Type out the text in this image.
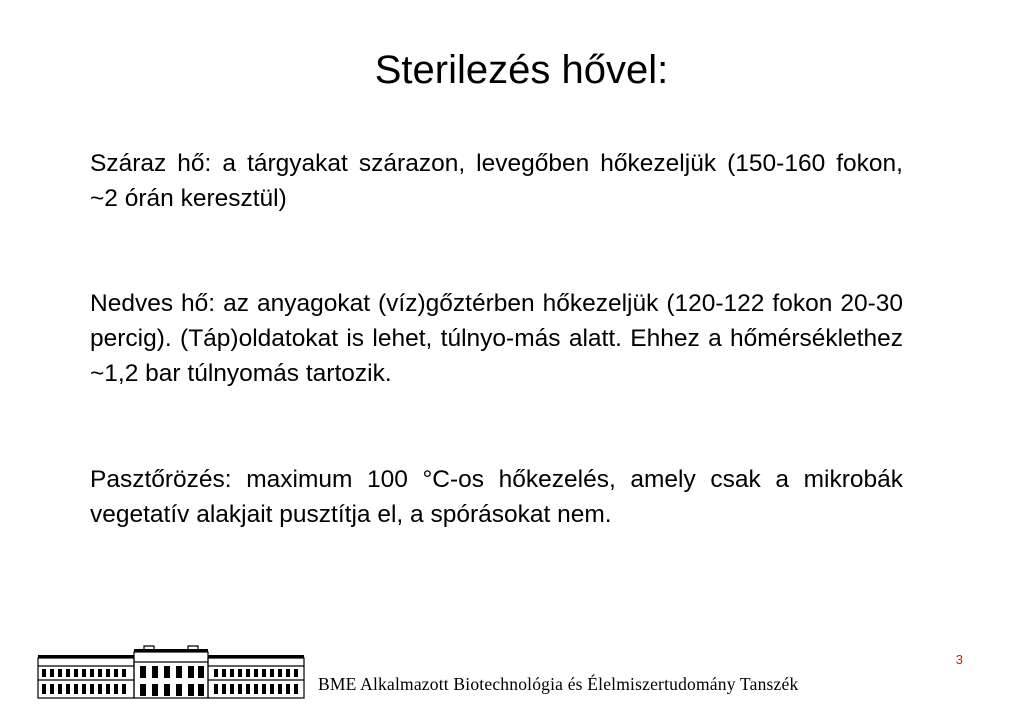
Sterilezés hővel:

Száraz hő: a tárgyakat szárazon, levegőben hőkezeljük (150-160 fokon, ~2 órán keresztül)

Nedves hő: az anyagokat (víz)gőztérben hőkezeljük (120-122 fokon 20-30 percig). (Táp)oldatokat is lehet, túlnyo-más alatt. Ehhez a hőmérséklethez ~1,2 bar túlnyomás tartozik.

Pasztőrözés: maximum 100 °C-os hőkezelés, amely csak a mikrobák vegetatív alakjait pusztítja el, a spórásokat nem.

BME Alkalmazott Biotechnológia és Élelmiszertudomány Tanszék
3
